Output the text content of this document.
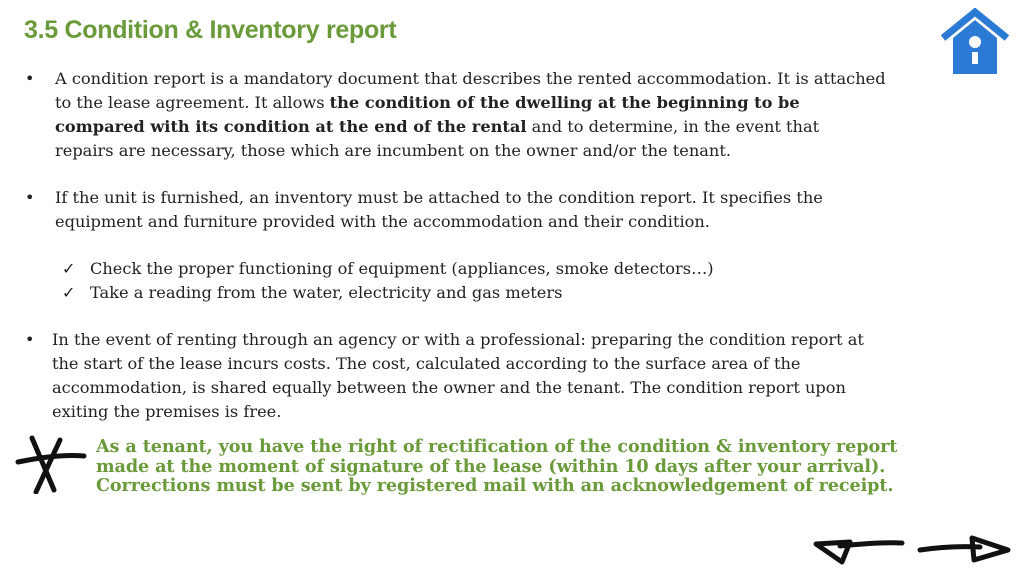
3.5 Condition & Inventory report
• A condition report is a mandatory document that describes the rented accommodation. It is attached
to the lease agreement. It allows the condition of the dwelling at the beginning to be
compared with its condition at the end of the rental and to determine, in the event that
repairs are necessary, those which are incumbent on the owner and/or the tenant.
• If the unit is furnished, an inventory must be attached to the condition report. It specifies the
equipment and furniture provided with the accommodation and their condition.
✓ Check the proper functioning of equipment (appliances, smoke detectors…)
✓ Take a reading from the water, electricity and gas meters
• In the event of renting through an agency or with a professional: preparing the condition report at
the start of the lease incurs costs. The cost, calculated according to the surface area of the
accommodation, is shared equally between the owner and the tenant. The condition report upon
exiting the premises is free.
As a tenant, you have the right of rectification of the condition & inventory report
made at the moment of signature of the lease (within 10 days after your arrival).
Corrections must be sent by registered mail with an acknowledgement of receipt.
